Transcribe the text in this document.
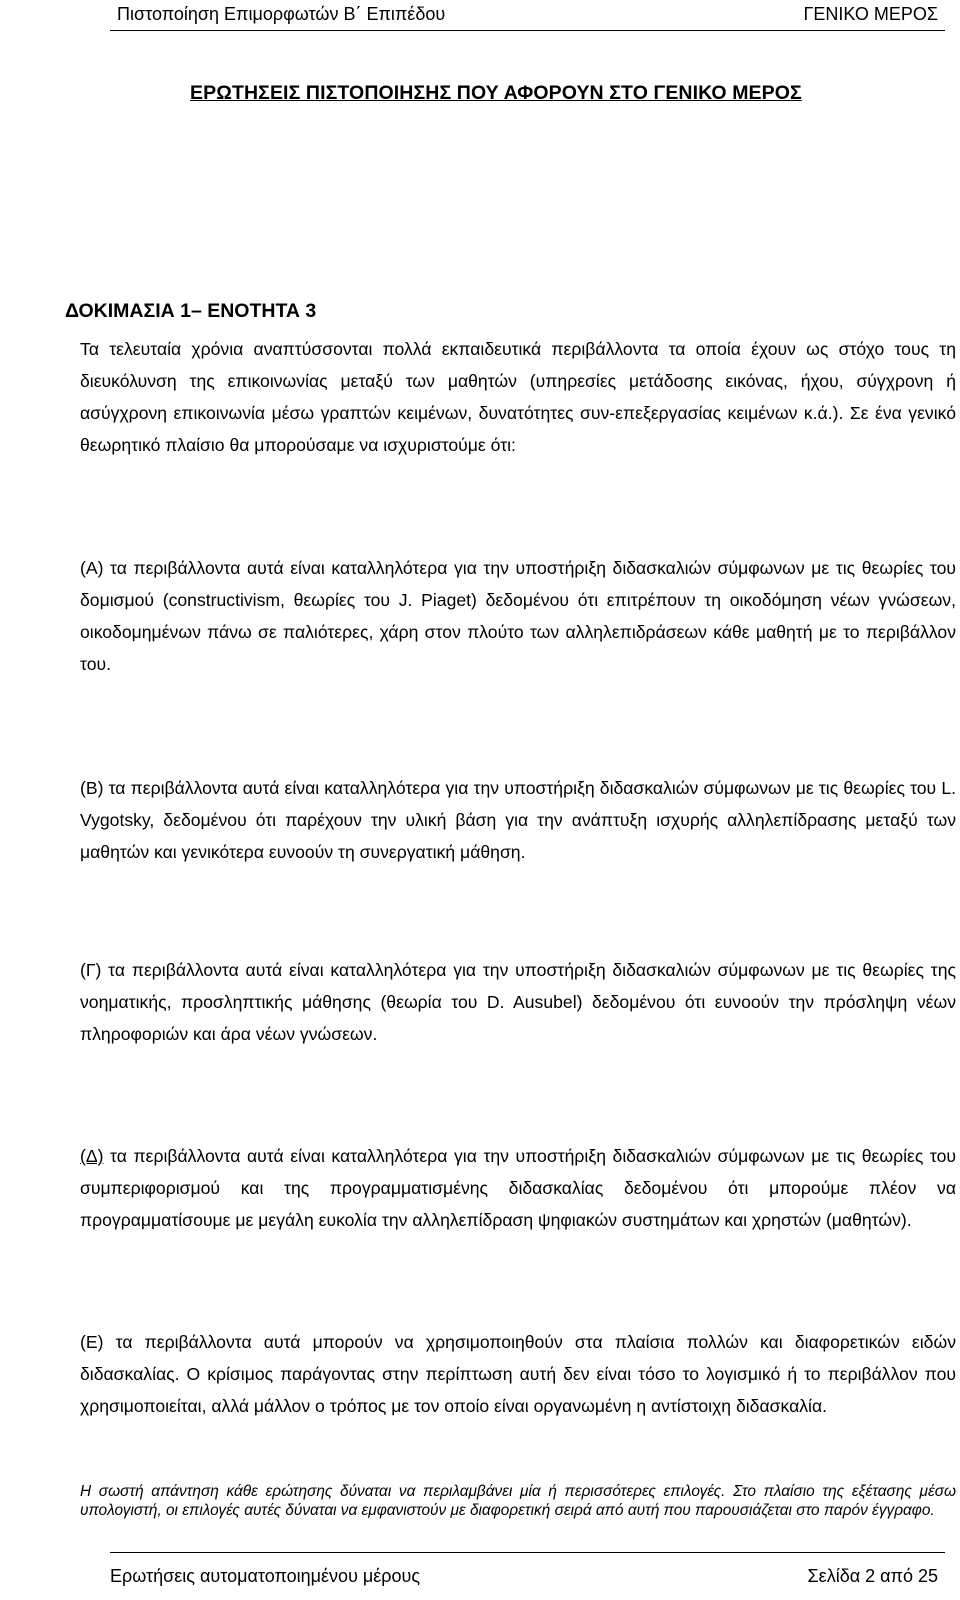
Πιστοποίηση Επιμορφωτών Β΄ Επιπέδου	ΓΕΝΙΚΟ ΜΕΡΟΣ
ΕΡΩΤΗΣΕΙΣ ΠΙΣΤΟΠΟΙΗΣΗΣ ΠΟΥ ΑΦΟΡΟΥΝ ΣΤΟ ΓΕΝΙΚΟ ΜΕΡΟΣ
ΔΟΚΙΜΑΣΙΑ 1– ΕΝΟΤΗΤΑ 3
Τα τελευταία χρόνια αναπτύσσονται πολλά εκπαιδευτικά περιβάλλοντα τα οποία έχουν ως στόχο τους τη διευκόλυνση της επικοινωνίας μεταξύ των μαθητών (υπηρεσίες μετάδοσης εικόνας, ήχου, σύγχρονη ή ασύγχρονη επικοινωνία μέσω γραπτών κειμένων, δυνατότητες συν-επεξεργασίας κειμένων κ.ά.). Σε ένα γενικό θεωρητικό πλαίσιο θα μπορούσαμε να ισχυριστούμε ότι:
(Α) τα περιβάλλοντα αυτά είναι καταλληλότερα για την υποστήριξη διδασκαλιών σύμφωνων με τις θεωρίες του δομισμού (constructivism, θεωρίες του J. Piaget) δεδομένου ότι επιτρέπουν τη οικοδόμηση νέων γνώσεων, οικοδομημένων πάνω σε παλιότερες, χάρη στον πλούτο των αλληλεπιδράσεων κάθε μαθητή με το περιβάλλον του.
(Β) τα περιβάλλοντα αυτά είναι καταλληλότερα για την υποστήριξη διδασκαλιών σύμφωνων με τις θεωρίες του L. Vygotsky, δεδομένου ότι παρέχουν την υλική βάση για την ανάπτυξη ισχυρής αλληλεπίδρασης μεταξύ των μαθητών και γενικότερα ευνοούν τη συνεργατική μάθηση.
(Γ) τα περιβάλλοντα αυτά είναι καταλληλότερα για την υποστήριξη διδασκαλιών σύμφωνων με τις θεωρίες της νοηματικής, προσληπτικής μάθησης (θεωρία του D. Ausubel) δεδομένου ότι ευνοούν την πρόσληψη νέων πληροφοριών και άρα νέων γνώσεων.
(Δ) τα περιβάλλοντα αυτά είναι καταλληλότερα για την υποστήριξη διδασκαλιών σύμφωνων με τις θεωρίες του συμπεριφορισμού και της προγραμματισμένης διδασκαλίας δεδομένου ότι μπορούμε πλέον να προγραμματίσουμε με μεγάλη ευκολία την αλληλεπίδραση ψηφιακών συστημάτων και χρηστών (μαθητών).
(Ε) τα περιβάλλοντα αυτά μπορούν να χρησιμοποιηθούν στα πλαίσια πολλών και διαφορετικών ειδών διδασκαλίας. Ο κρίσιμος παράγοντας στην περίπτωση αυτή δεν είναι τόσο το λογισμικό ή το περιβάλλον που χρησιμοποιείται, αλλά μάλλον ο τρόπος με τον οποίο είναι οργανωμένη η αντίστοιχη διδασκαλία.
Η σωστή απάντηση κάθε ερώτησης δύναται να περιλαμβάνει μία ή περισσότερες επιλογές. Στο πλαίσιο της εξέτασης μέσω υπολογιστή, οι επιλογές αυτές δύναται να εμφανιστούν με διαφορετική σειρά από αυτή που παρουσιάζεται στο παρόν έγγραφο.
Ερωτήσεις αυτοματοποιημένου μέρους	Σελίδα 2 από 25
